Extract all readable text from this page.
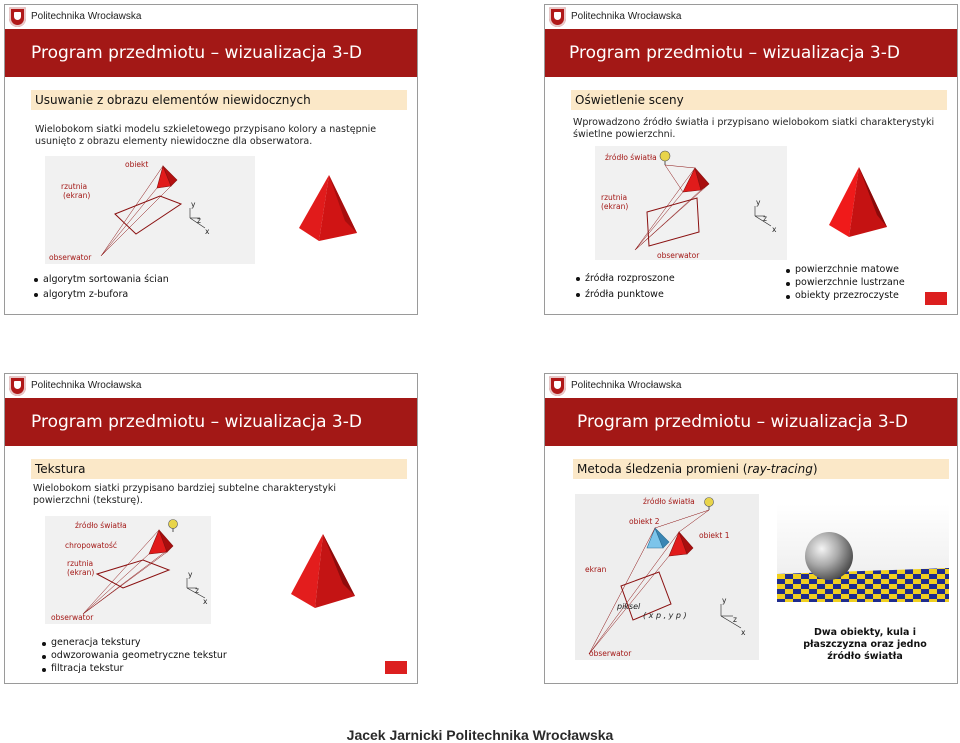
Politechnika Wrocławska
Program przedmiotu – wizualizacja 3-D
Usuwanie z obrazu elementów niewidocznych
Wielobokom siatki modelu szkieletowego przypisano kolory a następnie usunięto z obrazu elementy niewidoczne dla obserwatora.
obiekt
rzutnia (ekran)
y
z
x
obserwator
algorytm sortowania ścian
algorytm z-bufora
Politechnika Wrocławska
Program przedmiotu – wizualizacja 3-D
Oświetlenie sceny
Wprowadzono źródło światła i przypisano wielobokom siatki charakterystyki świetlne powierzchni.
źródło światła
rzutnia (ekran)	y
z
x
obserwator
źródła rozproszone
źródła punktowe
powierzchnie matowe
powierzchnie lustrzane
obiekty przezroczyste
Politechnika Wrocławska
Program przedmiotu – wizualizacja 3-D
Tekstura
Wielobokom siatki przypisano bardziej subtelne charakterystyki powierzchni (teksturę).
źródło światła
chropowatość
rzutnia (ekran)	y
z
x
obserwator
generacja tekstury
odwzorowania geometryczne tekstur
filtracja tekstur
Politechnika Wrocławska
Program przedmiotu – wizualizacja 3-D
Metoda śledzenia promieni (ray-tracing)
źródło światła
obiekt 2
obiekt 1
ekran
piksel
( x p , y p )
y
z
x
obserwator
Dwa obiekty, kula i płaszczyzna oraz jedno źródło światła
Jacek Jarnicki Politechnika Wrocławska
